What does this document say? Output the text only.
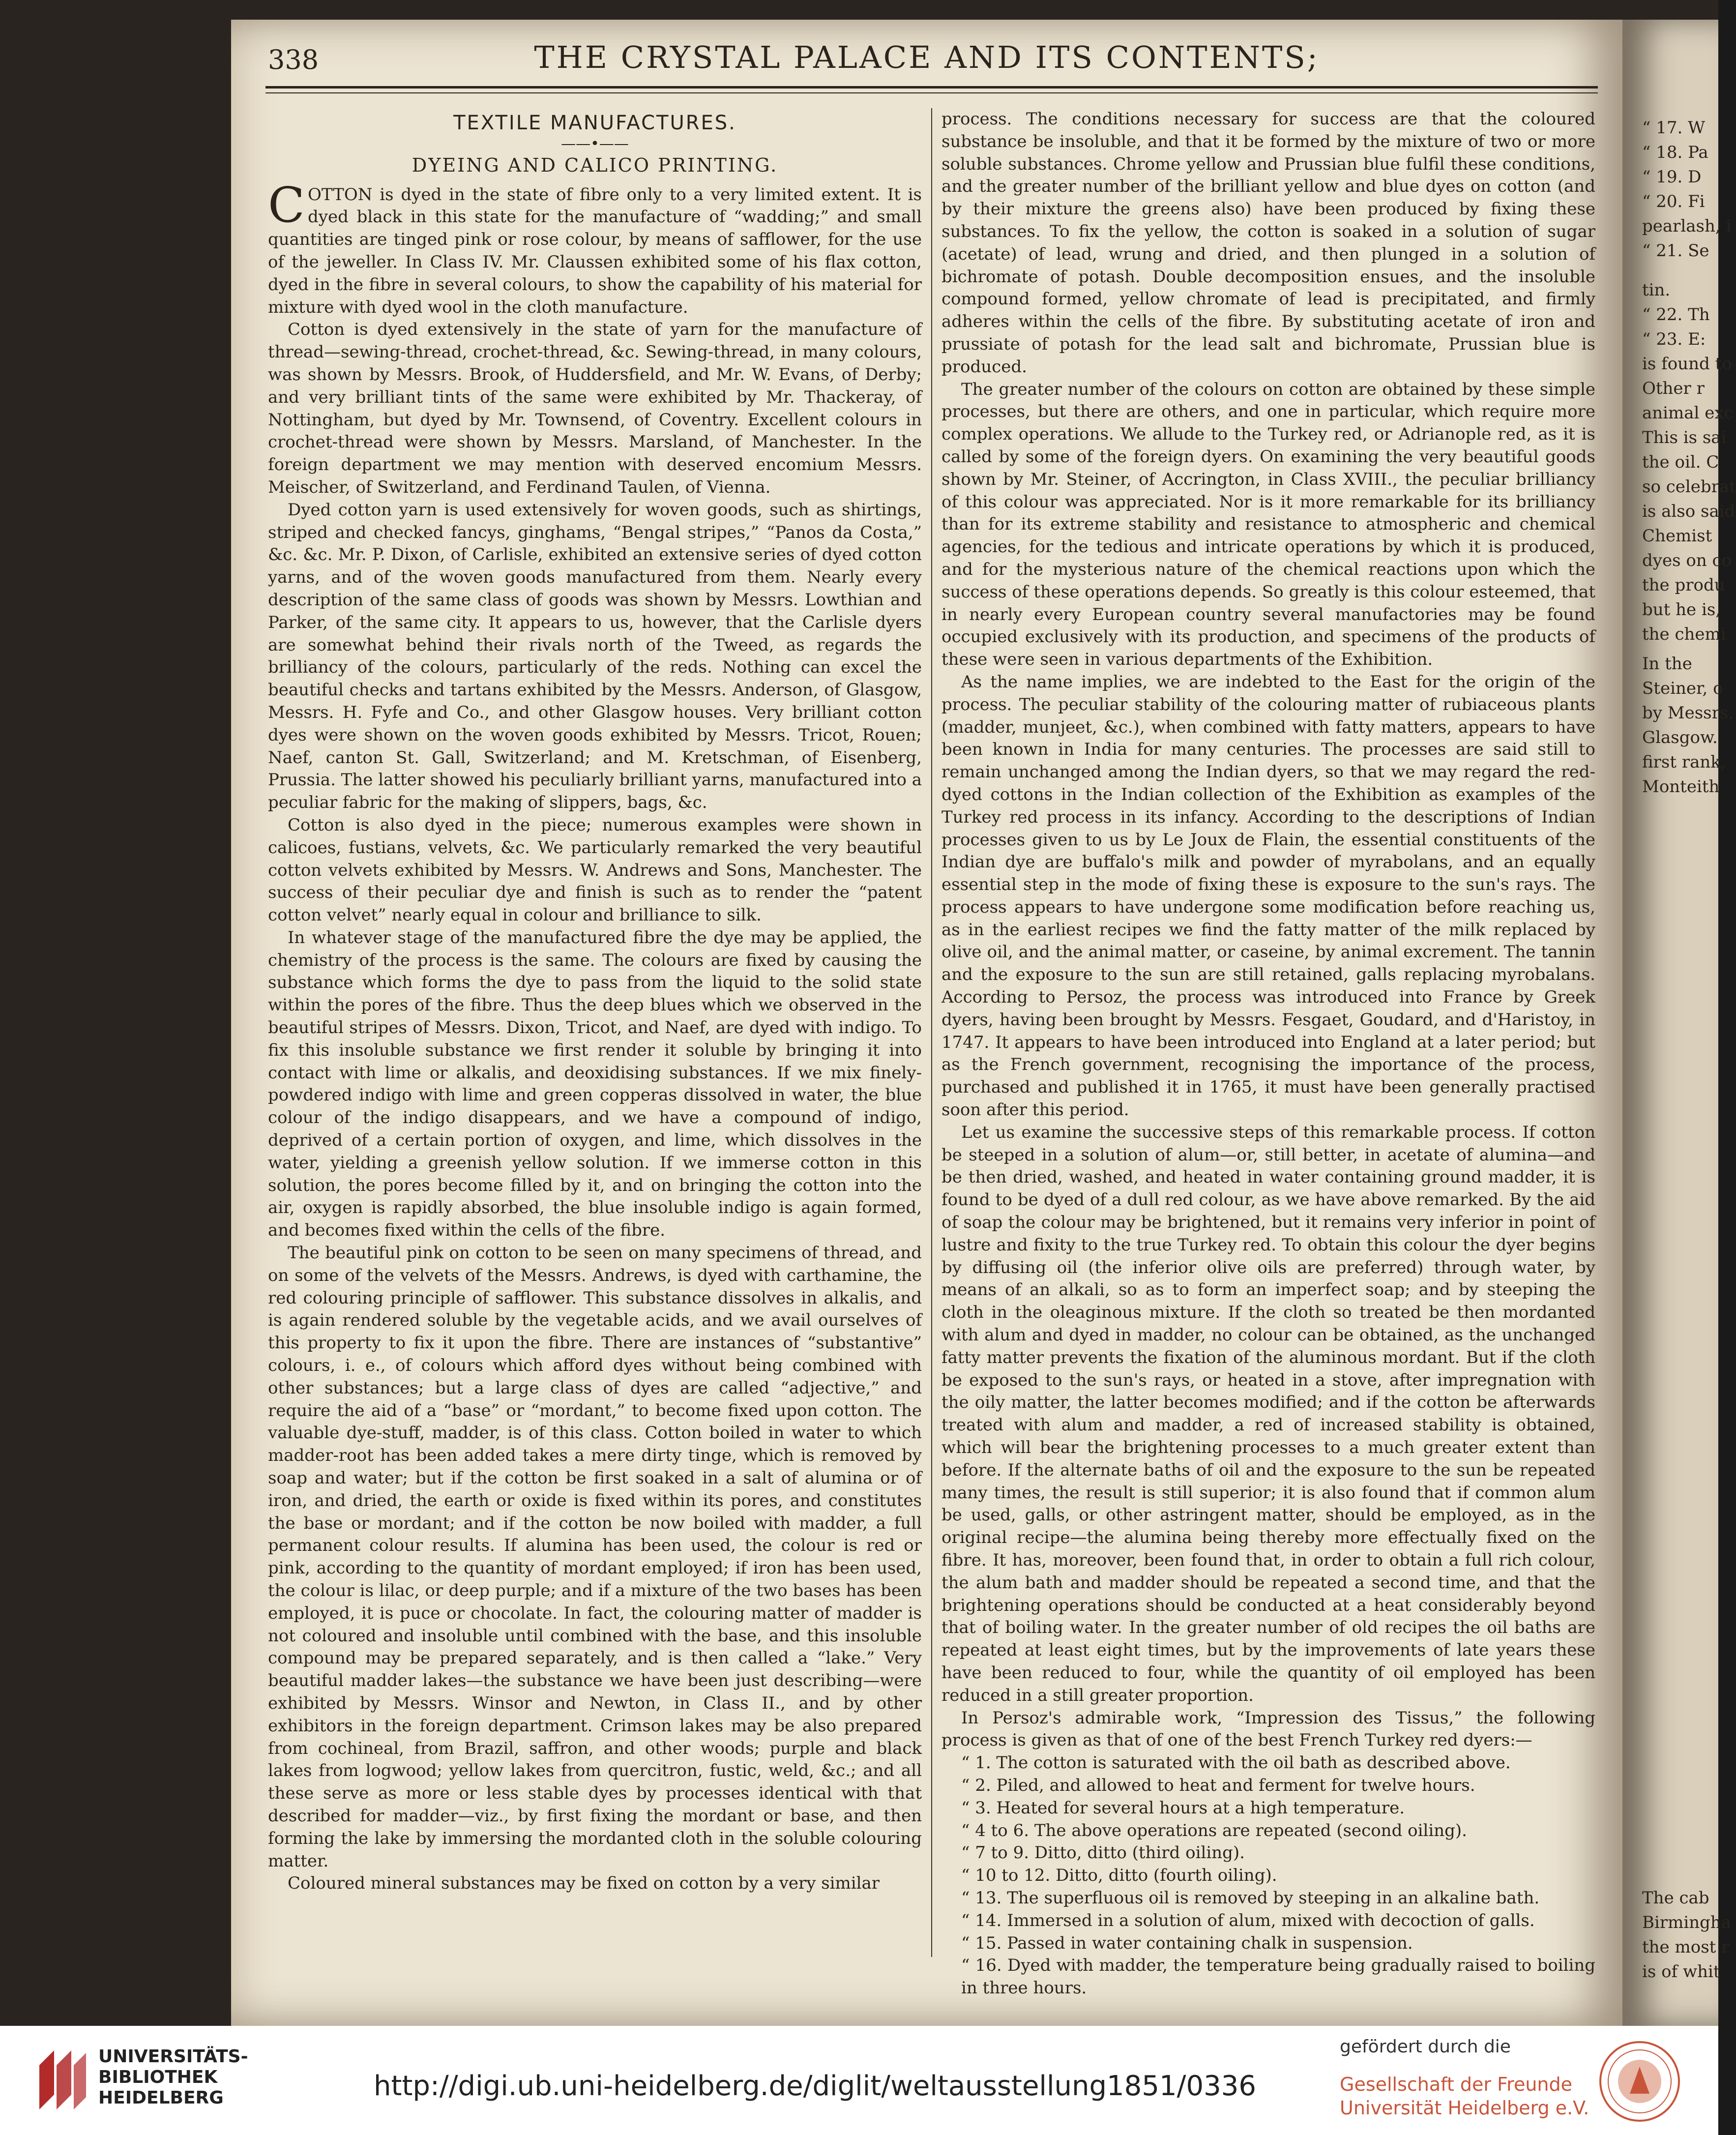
338	THE CRYSTAL PALACE AND ITS CONTENTS;
TEXTILE MANUFACTURES.
——•——
DYEING AND CALICO PRINTING.

COTTON is dyed in the state of fibre only to a very limited extent. It is dyed black in this state for the manufacture of “wadding;” and small quantities are tinged pink or rose colour, by means of safflower, for the use of the jeweller. In Class IV. Mr. Claussen exhibited some of his flax cotton, dyed in the fibre in several colours, to show the capability of his material for mixture with dyed wool in the cloth manufacture.

Cotton is dyed extensively in the state of yarn for the manufacture of thread—sewing-thread, crochet-thread, &c. Sewing-thread, in many colours, was shown by Messrs. Brook, of Huddersfield, and Mr. W. Evans, of Derby; and very brilliant tints of the same were exhibited by Mr. Thackeray, of Nottingham, but dyed by Mr. Townsend, of Coventry. Excellent colours in crochet-thread were shown by Messrs. Marsland, of Manchester. In the foreign department we may mention with deserved encomium Messrs. Meischer, of Switzerland, and Ferdinand Taulen, of Vienna.

Dyed cotton yarn is used extensively for woven goods, such as shirtings, striped and checked fancys, ginghams, “Bengal stripes,” “Panos da Costa,” &c. &c. Mr. P. Dixon, of Carlisle, exhibited an extensive series of dyed cotton yarns, and of the woven goods manufactured from them. Nearly every description of the same class of goods was shown by Messrs. Lowthian and Parker, of the same city. It appears to us, however, that the Carlisle dyers are somewhat behind their rivals north of the Tweed, as regards the brilliancy of the colours, particularly of the reds. Nothing can excel the beautiful checks and tartans exhibited by the Messrs. Anderson, of Glasgow, Messrs. H. Fyfe and Co., and other Glasgow houses. Very brilliant cotton dyes were shown on the woven goods exhibited by Messrs. Tricot, Rouen; Naef, canton St. Gall, Switzerland; and M. Kretschman, of Eisenberg, Prussia. The latter showed his peculiarly brilliant yarns, manufactured into a peculiar fabric for the making of slippers, bags, &c.

Cotton is also dyed in the piece; numerous examples were shown in calicoes, fustians, velvets, &c. We particularly remarked the very beautiful cotton velvets exhibited by Messrs. W. Andrews and Sons, Manchester. The success of their peculiar dye and finish is such as to render the “patent cotton velvet” nearly equal in colour and brilliance to silk.

In whatever stage of the manufactured fibre the dye may be applied, the chemistry of the process is the same. The colours are fixed by causing the substance which forms the dye to pass from the liquid to the solid state within the pores of the fibre. Thus the deep blues which we observed in the beautiful stripes of Messrs. Dixon, Tricot, and Naef, are dyed with indigo. To fix this insoluble substance we first render it soluble by bringing it into contact with lime or alkalis, and deoxidising substances. If we mix finely-powdered indigo with lime and green copperas dissolved in water, the blue colour of the indigo disappears, and we have a compound of indigo, deprived of a certain portion of oxygen, and lime, which dissolves in the water, yielding a greenish yellow solution. If we immerse cotton in this solution, the pores become filled by it, and on bringing the cotton into the air, oxygen is rapidly absorbed, the blue insoluble indigo is again formed, and becomes fixed within the cells of the fibre.

The beautiful pink on cotton to be seen on many specimens of thread, and on some of the velvets of the Messrs. Andrews, is dyed with carthamine, the red colouring principle of safflower. This substance dissolves in alkalis, and is again rendered soluble by the vegetable acids, and we avail ourselves of this property to fix it upon the fibre. There are instances of “substantive” colours, i. e., of colours which afford dyes without being combined with other substances; but a large class of dyes are called “adjective,” and require the aid of a “base” or “mordant,” to become fixed upon cotton. The valuable dye-stuff, madder, is of this class. Cotton boiled in water to which madder-root has been added takes a mere dirty tinge, which is removed by soap and water; but if the cotton be first soaked in a salt of alumina or of iron, and dried, the earth or oxide is fixed within its pores, and constitutes the base or mordant; and if the cotton be now boiled with madder, a full permanent colour results. If alumina has been used, the colour is red or pink, according to the quantity of mordant employed; if iron has been used, the colour is lilac, or deep purple; and if a mixture of the two bases has been employed, it is puce or chocolate. In fact, the colouring matter of madder is not coloured and insoluble until combined with the base, and this insoluble compound may be prepared separately, and is then called a “lake.” Very beautiful madder lakes—the substance we have been just describing—were exhibited by Messrs. Winsor and Newton, in Class II., and by other exhibitors in the foreign department. Crimson lakes may be also prepared from cochineal, from Brazil, saffron, and other woods; purple and black lakes from logwood; yellow lakes from quercitron, fustic, weld, &c.; and all these serve as more or less stable dyes by processes identical with that described for madder—viz., by first fixing the mordant or base, and then forming the lake by immersing the mordanted cloth in the soluble colouring matter.

Coloured mineral substances may be fixed on cotton by a very similar

process. The conditions necessary for success are that the coloured substance be insoluble, and that it be formed by the mixture of two or more soluble substances. Chrome yellow and Prussian blue fulfil these conditions, and the greater number of the brilliant yellow and blue dyes on cotton (and by their mixture the greens also) have been produced by fixing these substances. To fix the yellow, the cotton is soaked in a solution of sugar (acetate) of lead, wrung and dried, and then plunged in a solution of bichromate of potash. Double decomposition ensues, and the insoluble compound formed, yellow chromate of lead is precipitated, and firmly adheres within the cells of the fibre. By substituting acetate of iron and prussiate of potash for the lead salt and bichromate, Prussian blue is produced.

The greater number of the colours on cotton are obtained by these simple processes, but there are others, and one in particular, which require more complex operations. We allude to the Turkey red, or Adrianople red, as it is called by some of the foreign dyers. On examining the very beautiful goods shown by Mr. Steiner, of Accrington, in Class XVIII., the peculiar brilliancy of this colour was appreciated. Nor is it more remarkable for its brilliancy than for its extreme stability and resistance to atmospheric and chemical agencies, for the tedious and intricate operations by which it is produced, and for the mysterious nature of the chemical reactions upon which the success of these operations depends. So greatly is this colour esteemed, that in nearly every European country several manufactories may be found occupied exclusively with its production, and specimens of the products of these were seen in various departments of the Exhibition.

As the name implies, we are indebted to the East for the origin of the process. The peculiar stability of the colouring matter of rubiaceous plants (madder, munjeet, &c.), when combined with fatty matters, appears to have been known in India for many centuries. The processes are said still to remain unchanged among the Indian dyers, so that we may regard the red-dyed cottons in the Indian collection of the Exhibition as examples of the Turkey red process in its infancy. According to the descriptions of Indian processes given to us by Le Joux de Flain, the essential constituents of the Indian dye are buffalo's milk and powder of myrabolans, and an equally essential step in the mode of fixing these is exposure to the sun's rays. The process appears to have undergone some modification before reaching us, as in the earliest recipes we find the fatty matter of the milk replaced by olive oil, and the animal matter, or caseine, by animal excrement. The tannin and the exposure to the sun are still retained, galls replacing myrobalans. According to Persoz, the process was introduced into France by Greek dyers, having been brought by Messrs. Fesgaet, Goudard, and d'Haristoy, in 1747. It appears to have been introduced into England at a later period; but as the French government, recognising the importance of the process, purchased and published it in 1765, it must have been generally practised soon after this period.

Let us examine the successive steps of this remarkable process. If cotton be steeped in a solution of alum—or, still better, in acetate of alumina—and be then dried, washed, and heated in water containing ground madder, it is found to be dyed of a dull red colour, as we have above remarked. By the aid of soap the colour may be brightened, but it remains very inferior in point of lustre and fixity to the true Turkey red. To obtain this colour the dyer begins by diffusing oil (the inferior olive oils are preferred) through water, by means of an alkali, so as to form an imperfect soap; and by steeping the cloth in the oleaginous mixture. If the cloth so treated be then mordanted with alum and dyed in madder, no colour can be obtained, as the unchanged fatty matter prevents the fixation of the aluminous mordant. But if the cloth be exposed to the sun's rays, or heated in a stove, after impregnation with the oily matter, the latter becomes modified; and if the cotton be afterwards treated with alum and madder, a red of increased stability is obtained, which will bear the brightening processes to a much greater extent than before. If the alternate baths of oil and the exposure to the sun be repeated many times, the result is still superior; it is also found that if common alum be used, galls, or other astringent matter, should be employed, as in the original recipe—the alumina being thereby more effectually fixed on the fibre. It has, moreover, been found that, in order to obtain a full rich colour, the alum bath and madder should be repeated a second time, and that the brightening operations should be conducted at a heat considerably beyond that of boiling water. In the greater number of old recipes the oil baths are repeated at least eight times, but by the improvements of late years these have been reduced to four, while the quantity of oil employed has been reduced in a still greater proportion.

In Persoz's admirable work, “Impression des Tissus,” the following process is given as that of one of the best French Turkey red dyers:—

“ 1. The cotton is saturated with the oil bath as described above.

“ 2. Piled, and allowed to heat and ferment for twelve hours.

“ 3. Heated for several hours at a high temperature.

“ 4 to 6. The above operations are repeated (second oiling).

“ 7 to 9. Ditto, ditto (third oiling).

“ 10 to 12. Ditto, ditto (fourth oiling).

“ 13. The superfluous oil is removed by steeping in an alkaline bath.

“ 14. Immersed in a solution of alum, mixed with decoction of galls.

“ 15. Passed in water containing chalk in suspension.

“ 16. Dyed with madder, the temperature being gradually raised to boiling in three hours.

“ 17. W
“ 18. Pa
“ 19. D
“ 20. Fi
pearlash, i
“ 21. Se
tin.
“ 22. Th
“ 23. E:
is found to
Other r
animal exc
This is sai
the oil. C
so celebrat
is also said
Chemist
dyes on co
the produ
but he is,
the chemi
In the
Steiner, o
by Messrs.
Glasgow.
first rank,
Monteith
The cab
Birmingha
the most r
is of whit
UNIVERSITÄTS-
BIBLIOTHEK
HEIDELBERG	http://digi.ub.uni-heidelberg.de/diglit/weltausstellung1851/0336
gefördert durch die
Gesellschaft der Freunde
Universität Heidelberg e.V.
